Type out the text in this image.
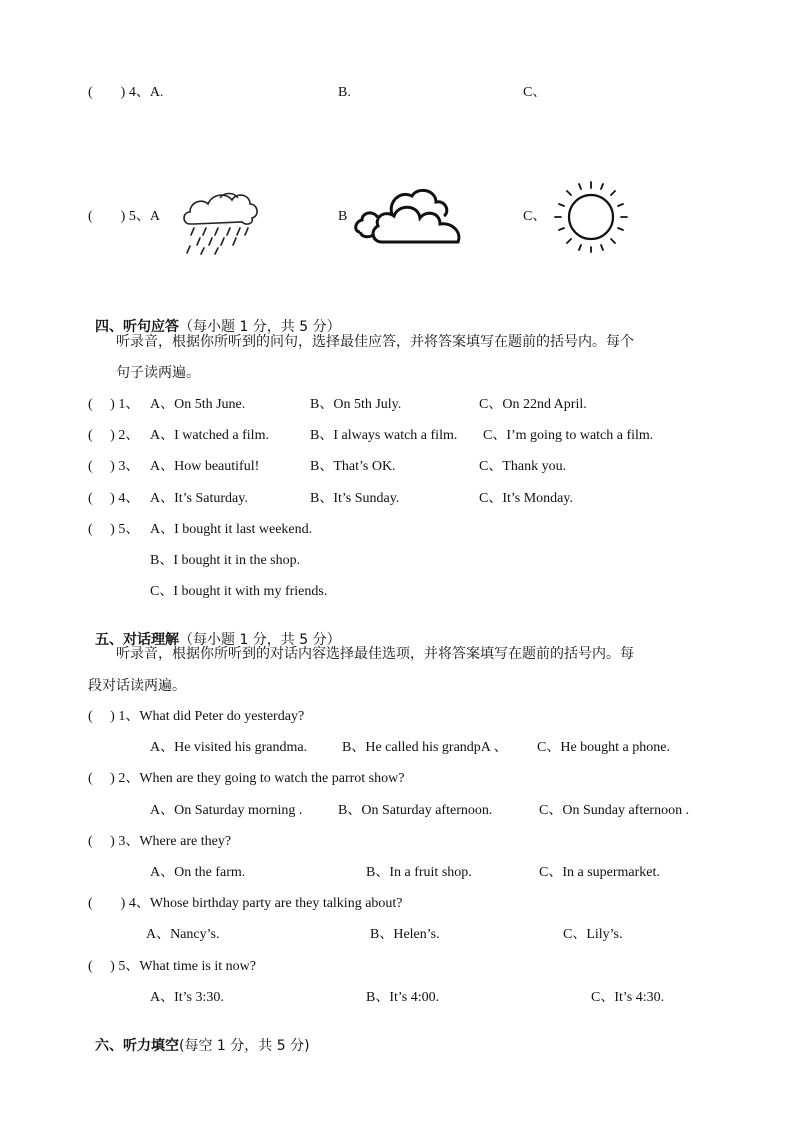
(　　) 4、A.	B.	C、
(　　) 5、A	B	C、

四、听句应答（每小题 1 分，共 5 分）

听录音，根据你所听到的问句，选择最佳应答，并将答案填写在题前的括号内。每个
句子读两遍。
(　 ) 1、 A、On 5th June.	B、On 5th July.	C、On 22nd April.
(　 ) 2、 A、I watched a film.	B、I always watch a film. C、I’m going to watch a film.
(　 ) 3、 A、How beautiful!	B、That’s OK.	C、Thank you.
(　 ) 4、 A、It’s Saturday.	B、It’s Sunday.	C、It’s Monday.
(　 ) 5、 A、I bought it last weekend.
B、I bought it in the shop.
C、I bought it with my friends.

五、对话理解（每小题 1 分，共 5 分）

听录音，根据你所听到的对话内容选择最佳选项，并将答案填写在题前的括号内。每
段对话读两遍。
(　 ) 1、What did Peter do yesterday?
A、He visited his grandma. B、He called his grandpA 、 C、He bought a phone.
(　 ) 2、When are they going to watch the parrot show?
A、On Saturday morning .	B、On Saturday afternoon.	C、On Sunday afternoon .
(　 ) 3、Where are they?
A、On the farm.	B、In a fruit shop.	C、In a supermarket.
(　　) 4、Whose birthday party are they talking about?
A、Nancy’s.	B、Helen’s.	C、Lily’s.
(　 ) 5、What time is it now?
A、It’s 3:30.	B、It’s 4:00.	C、It’s 4:30.

六、听力填空(每空 1 分，共 5 分)
